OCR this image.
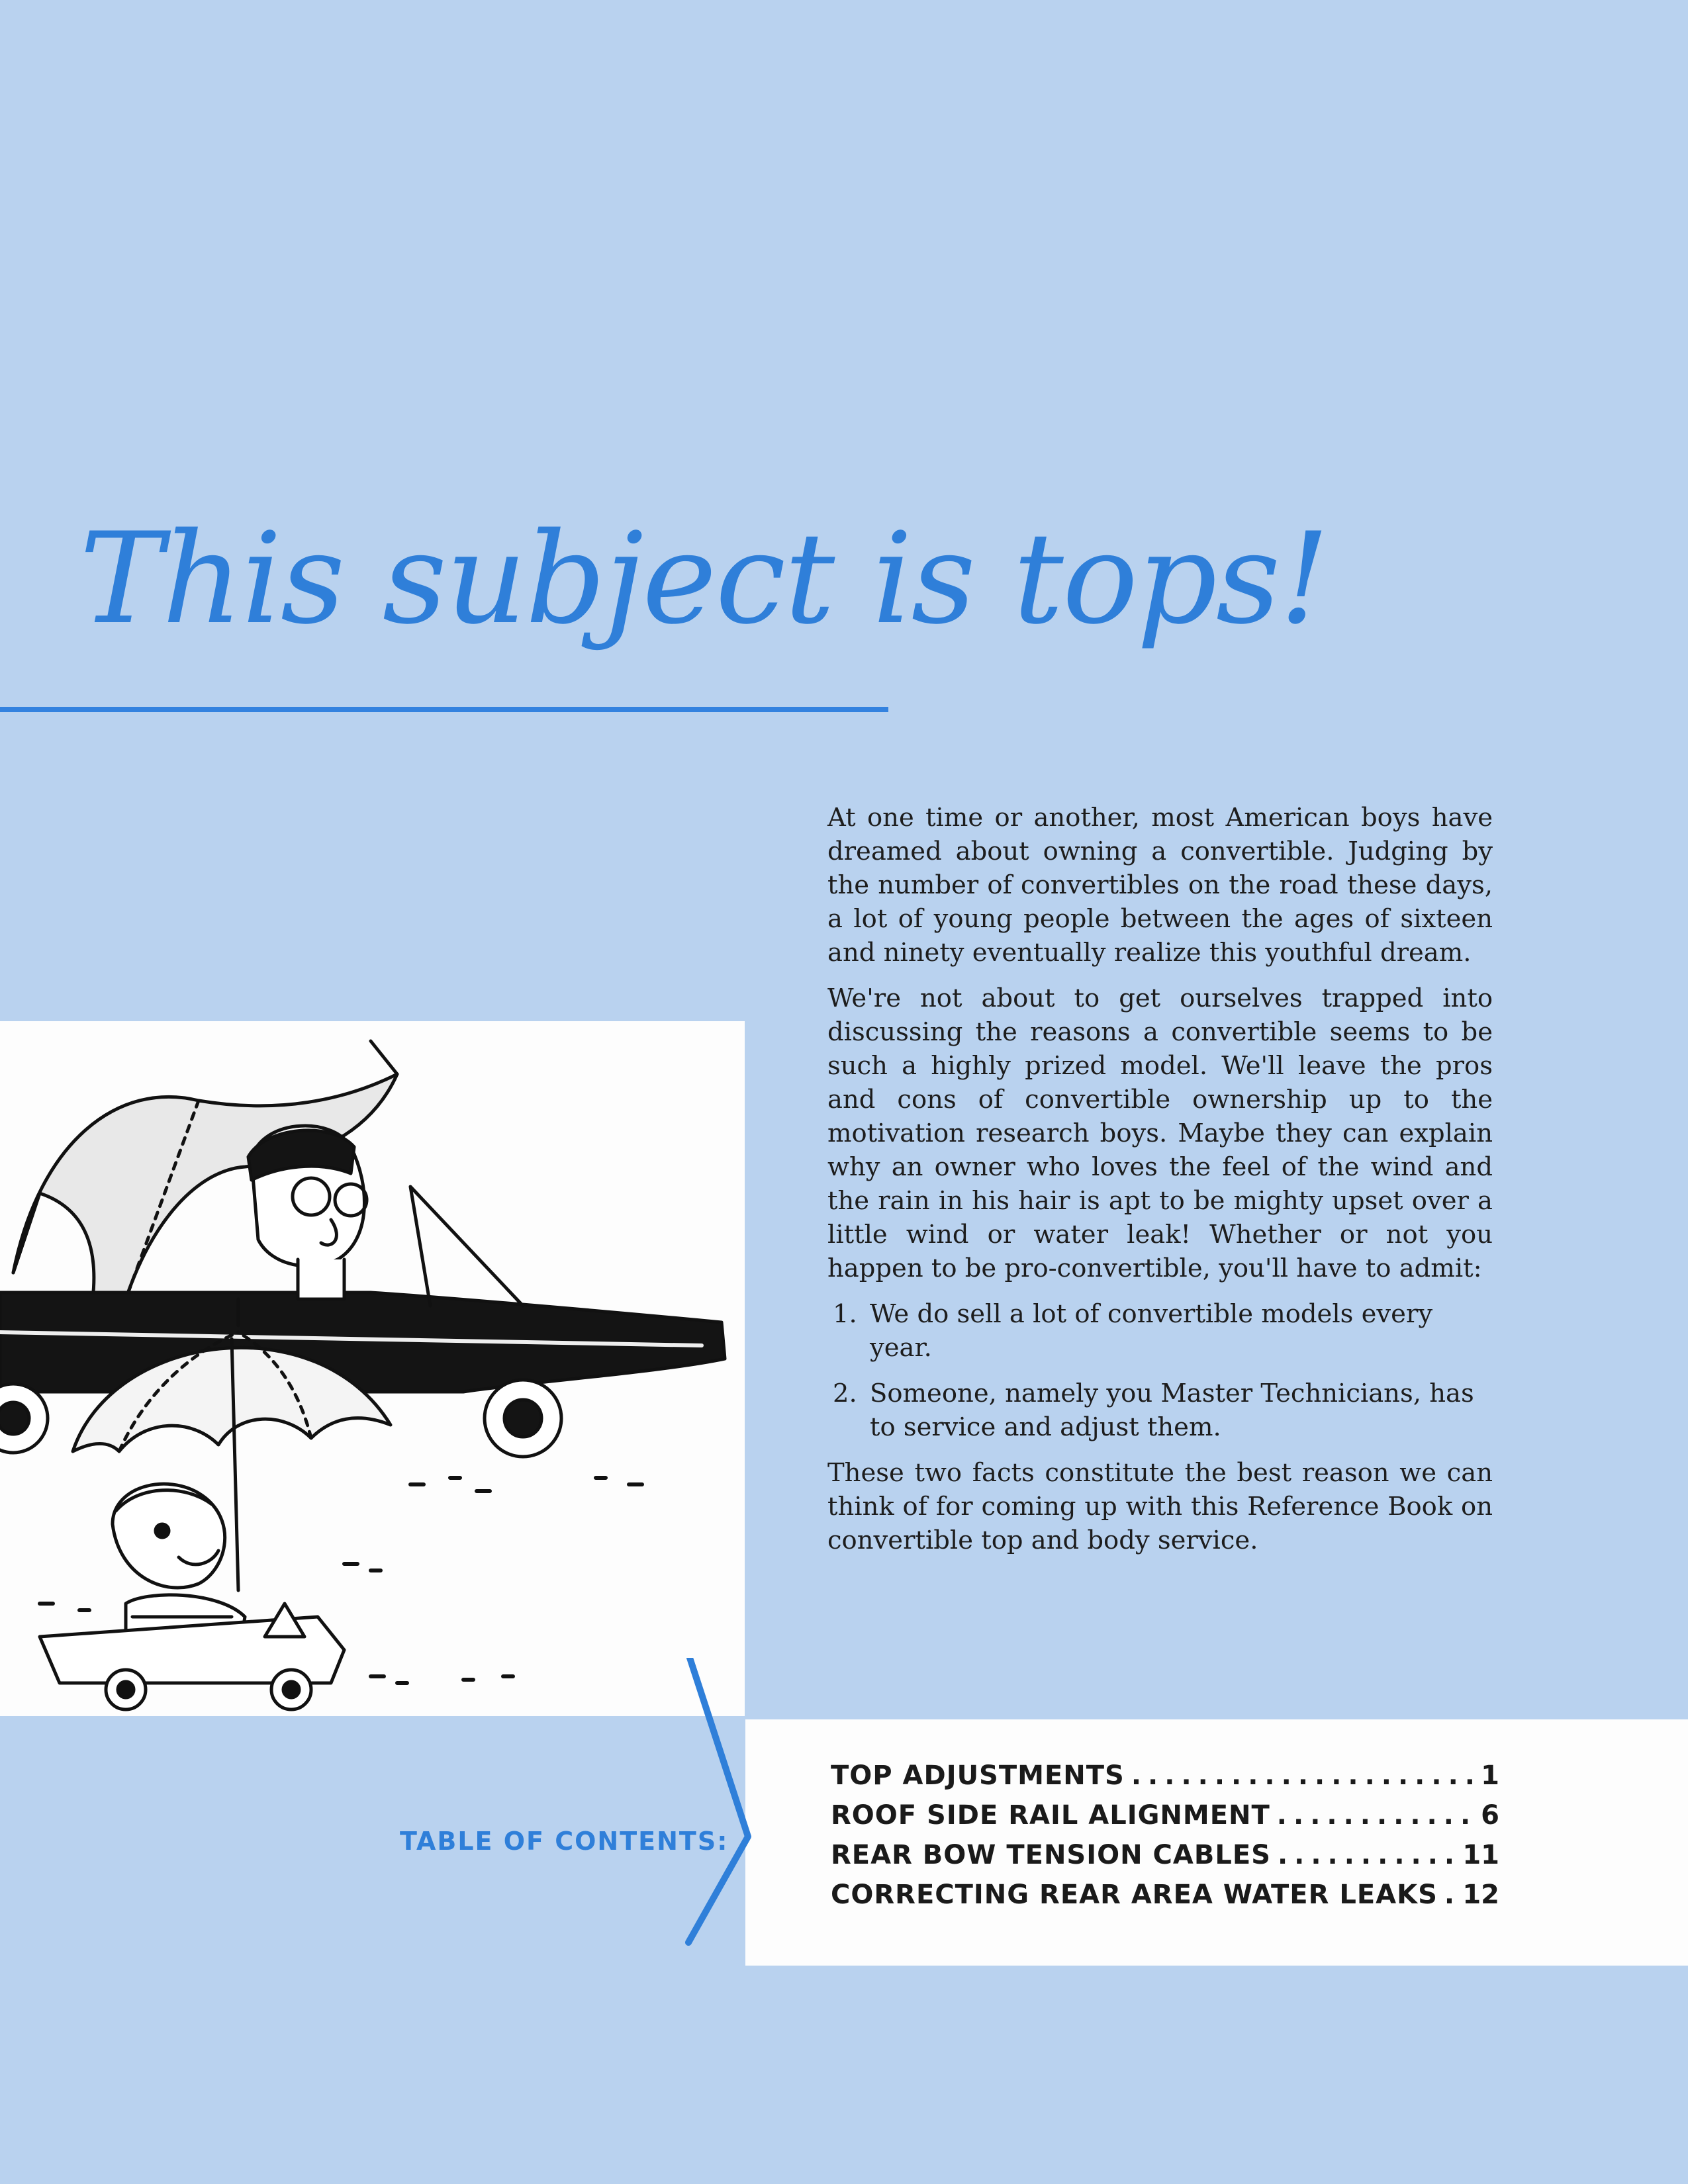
This subject is tops!

At one time or another, most American boys have dreamed about owning a convertible. Judging by the number of convertibles on the road these days, a lot of young people between the ages of sixteen and ninety eventually realize this youthful dream.

We're not about to get ourselves trapped into discussing the reasons a convertible seems to be such a highly prized model. We'll leave the pros and cons of convertible ownership up to the motivation research boys. Maybe they can explain why an owner who loves the feel of the wind and the rain in his hair is apt to be mighty upset over a little wind or water leak! Whether or not you happen to be pro-convertible, you'll have to admit:

1. We do sell a lot of convertible models every year.
2. Someone, namely you Master Technicians, has to service and adjust them.

These two facts constitute the best reason we can think of for coming up with this Reference Book on convertible top and body service.

TABLE OF CONTENTS:
TOP ADJUSTMENTS .....	1
ROOF SIDE RAIL ALIGNMENT .....	6
REAR BOW TENSION CABLES .....	11
CORRECTING REAR AREA WATER LEAKS ..... 12
